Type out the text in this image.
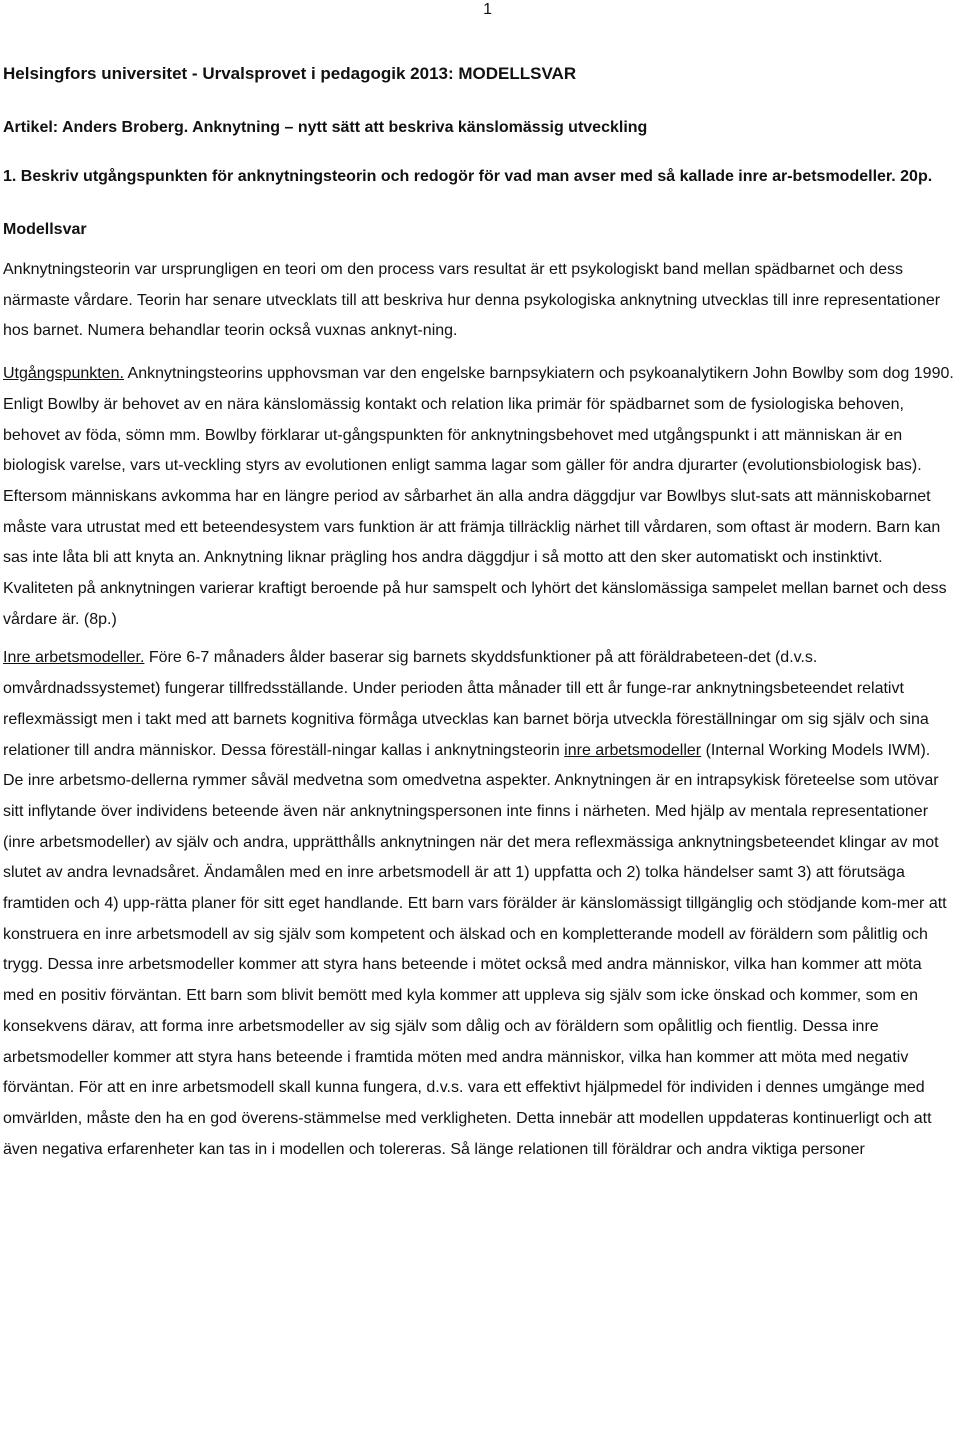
1
Helsingfors universitet - Urvalsprovet i pedagogik 2013: MODELLSVAR
Artikel: Anders Broberg. Anknytning – nytt sätt att beskriva känslomässig utveckling
1. Beskriv utgångspunkten för anknytningsteorin och redogör för vad man avser med så kallade inre ar-betsmodeller. 20p.
Modellsvar
Anknytningsteorin var ursprungligen en teori om den process vars resultat är ett psykologiskt band mellan spädbarnet och dess närmaste vårdare. Teorin har senare utvecklats till att beskriva hur denna psykologiska anknytning utvecklas till inre representationer hos barnet. Numera behandlar teorin också vuxnas anknyt-ning.
Utgångspunkten. Anknytningsteorins upphovsman var den engelske barnpsykiatern och psykoanalytikern John Bowlby som dog 1990. Enligt Bowlby är behovet av en nära känslomässig kontakt och relation lika primär för spädbarnet som de fysiologiska behoven, behovet av föda, sömn mm. Bowlby förklarar ut-gångspunkten för anknytningsbehovet med utgångspunkt i att människan är en biologisk varelse, vars ut-veckling styrs av evolutionen enligt samma lagar som gäller för andra djurarter (evolutionsbiologisk bas). Eftersom människans avkomma har en längre period av sårbarhet än alla andra däggdjur var Bowlbys slut-sats att människobarnet måste vara utrustat med ett beteendesystem vars funktion är att främja tillräcklig närhet till vårdaren, som oftast är modern. Barn kan sas inte låta bli att knyta an. Anknytning liknar prägling hos andra däggdjur i så motto att den sker automatiskt och instinktivt. Kvaliteten på anknytningen varierar kraftigt beroende på hur samspelt och lyhört det känslomässiga sampelet mellan barnet och dess vårdare är. (8p.)
Inre arbetsmodeller. Före 6-7 månaders ålder baserar sig barnets skyddsfunktioner på att föräldrabeteen-det (d.v.s. omvårdnadssystemet) fungerar tillfredsställande. Under perioden åtta månader till ett år funge-rar anknytningsbeteendet relativt reflexmässigt men i takt med att barnets kognitiva förmåga utvecklas kan barnet börja utveckla föreställningar om sig själv och sina relationer till andra människor. Dessa föreställ-ningar kallas i anknytningsteorin inre arbetsmodeller (Internal Working Models IWM). De inre arbetsmo-dellerna rymmer såväl medvetna som omedvetna aspekter. Anknytningen är en intrapsykisk företeelse som utövar sitt inflytande över individens beteende även när anknytningspersonen inte finns i närheten. Med hjälp av mentala representationer (inre arbetsmodeller) av själv och andra, upprätthålls anknytningen när det mera reflexmässiga anknytningsbeteendet klingar av mot slutet av andra levnadsåret. Ändamålen med en inre arbetsmodell är att 1) uppfatta och 2) tolka händelser samt 3) att förutsäga framtiden och 4) upp-rätta planer för sitt eget handlande. Ett barn vars förälder är känslomässigt tillgänglig och stödjande kom-mer att konstruera en inre arbetsmodell av sig själv som kompetent och älskad och en kompletterande modell av föräldern som pålitlig och trygg. Dessa inre arbetsmodeller kommer att styra hans beteende i mötet också med andra människor, vilka han kommer att möta med en positiv förväntan. Ett barn som blivit bemött med kyla kommer att uppleva sig själv som icke önskad och kommer, som en konsekvens därav, att forma inre arbetsmodeller av sig själv som dålig och av föräldern som opålitlig och fientlig. Dessa inre arbetsmodeller kommer att styra hans beteende i framtida möten med andra människor, vilka han kommer att möta med negativ förväntan. För att en inre arbetsmodell skall kunna fungera, d.v.s. vara ett effektivt hjälpmedel för individen i dennes umgänge med omvärlden, måste den ha en god överens-stämmelse med verkligheten. Detta innebär att modellen uppdateras kontinuerligt och att även negativa erfarenheter kan tas in i modellen och tolereras. Så länge relationen till föräldrar och andra viktiga personer
